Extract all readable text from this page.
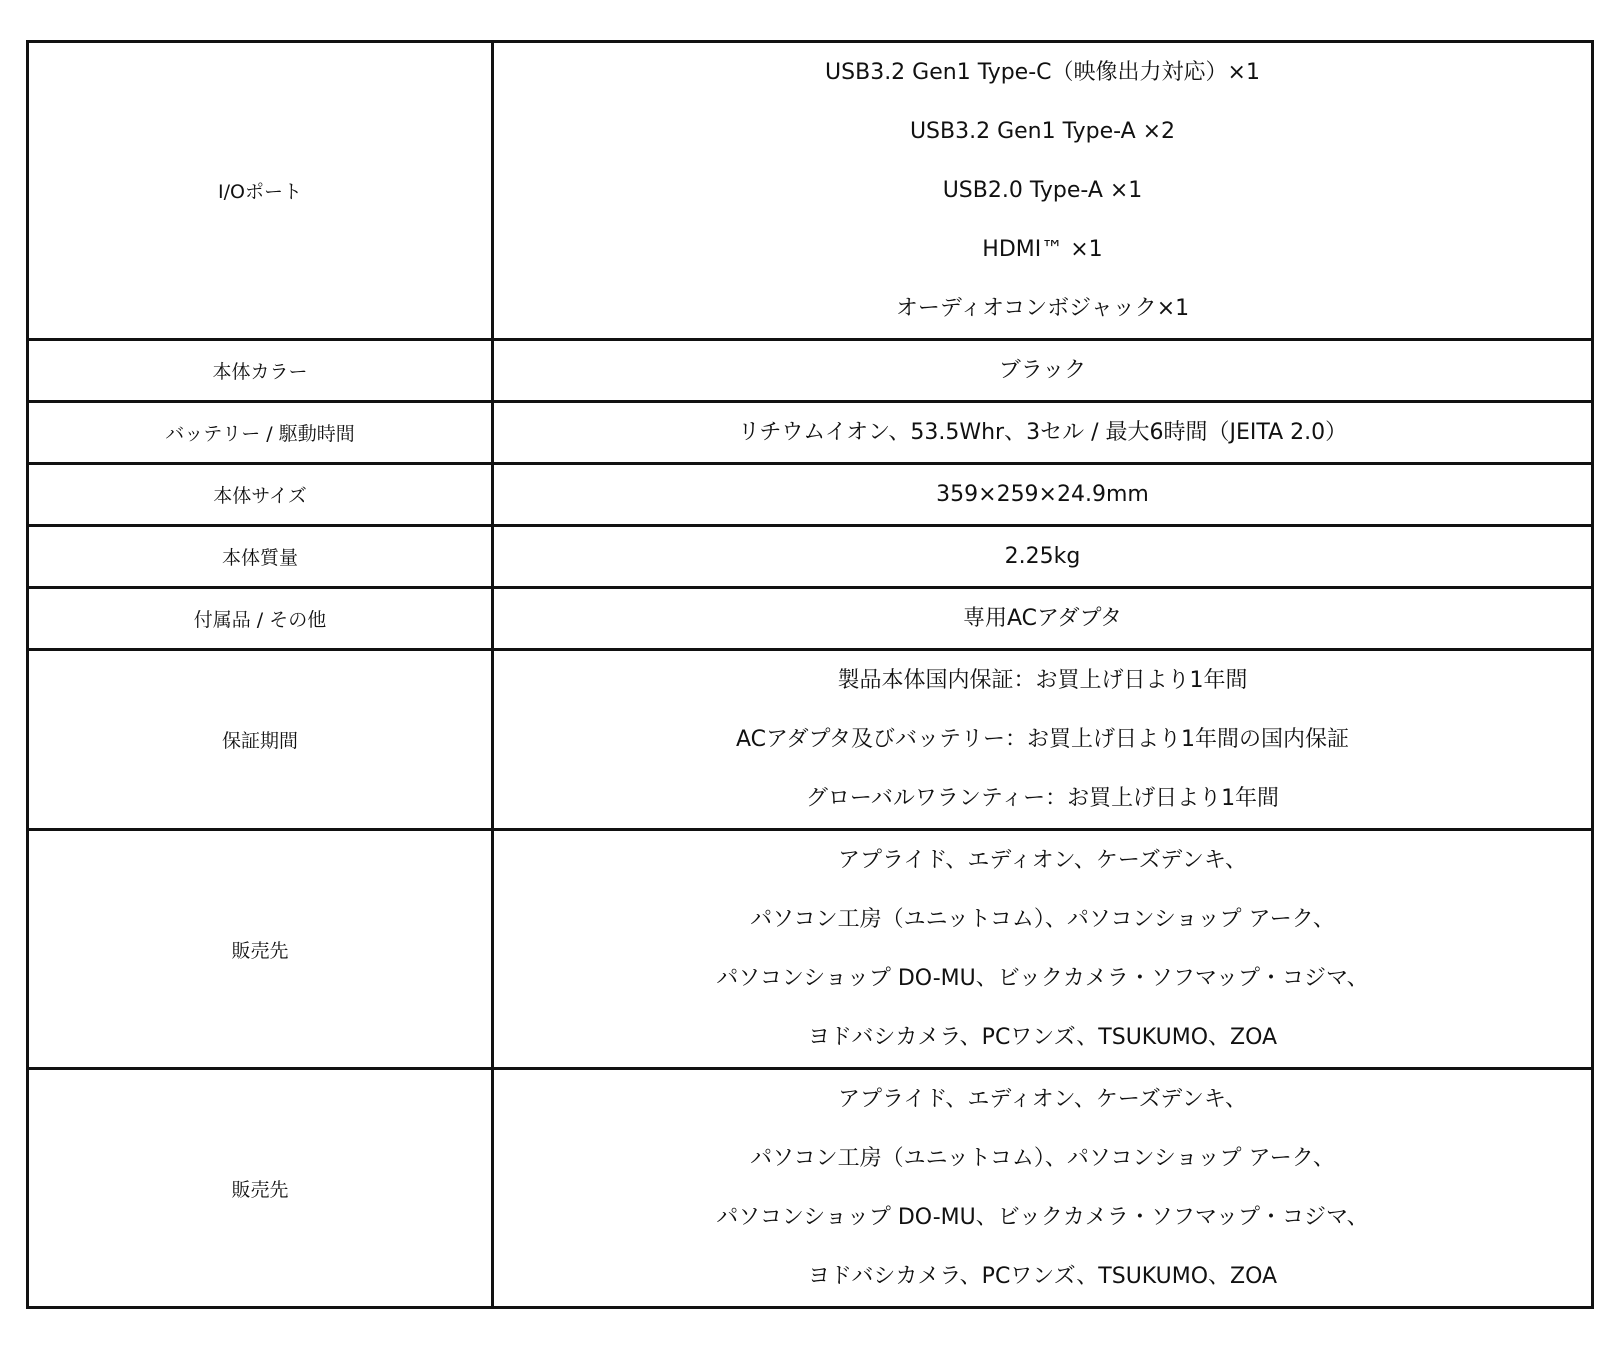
I/Oポート	USB3.2 Gen1 Type-C（映像出力対応）×1
USB3.2 Gen1 Type-A ×2
USB2.0 Type-A ×1
HDMI™ ×1
オーディオコンボジャック×1

本体カラー	ブラック

バッテリー / 駆動時間	リチウムイオン、53.5Whr、3セル / 最大6時間（JEITA 2.0）

本体サイズ	359×259×24.9mm

本体質量	2.25kg

付属品 / その他	専用ACアダプタ

保証期間	製品本体国内保証：お買上げ日より1年間
ACアダプタ及びバッテリー：お買上げ日より1年間の国内保証
グローバルワランティー：お買上げ日より1年間

販売先	アプライド、エディオン、ケーズデンキ、
パソコン工房（ユニットコム）、パソコンショップ アーク、
パソコンショップ DO-MU、ビックカメラ・ソフマップ・コジマ、
ヨドバシカメラ、PCワンズ、TSUKUMO、ZOA

販売先	アプライド、エディオン、ケーズデンキ、
パソコン工房（ユニットコム）、パソコンショップ アーク、
パソコンショップ DO-MU、ビックカメラ・ソフマップ・コジマ、
ヨドバシカメラ、PCワンズ、TSUKUMO、ZOA
